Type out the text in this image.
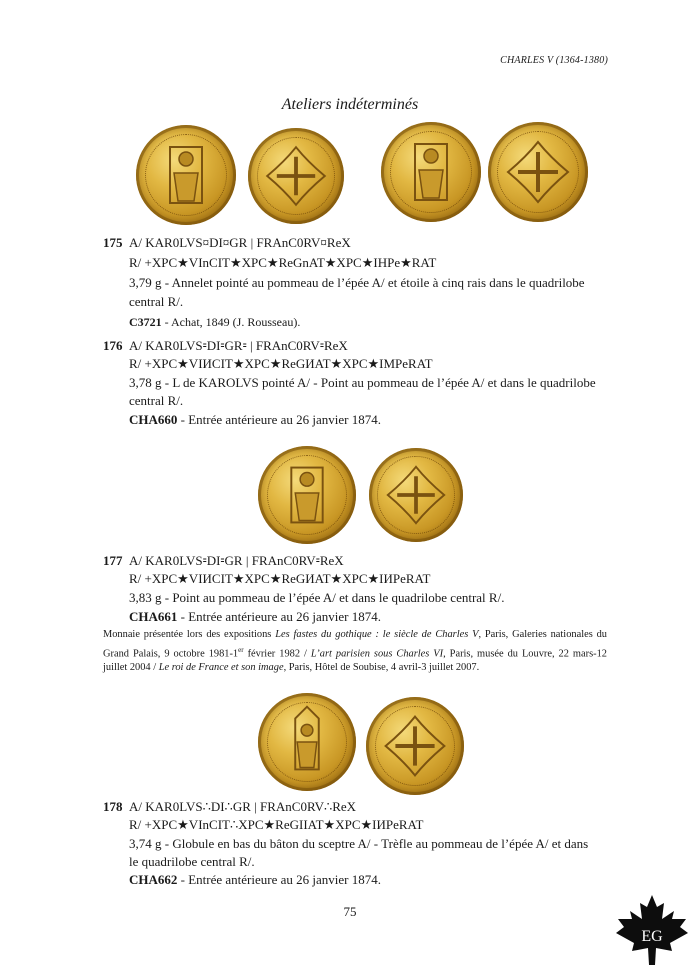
CHARLES V (1364-1380)
Ateliers indéterminés
175 A/ KAR0LVS¤DI¤GR | FRAnC0RV¤ReX
R/ +XPC★VInCIT★XPC★ReGnAT★XPC★IHPe★RAT
3,79 g - Annelet pointé au pommeau de l’épée A/ et étoile à cinq rais dans le quadrilobe
central R/.
C3721 - Achat, 1849 (J. Rousseau).
176 A/ KAR0LVS⹀DI⹀GR⹀ | FRAnC0RV⹀ReX
R/ +XPC★VIИCIT★XPC★ReGИAT★XPC★IMPeRAT
3,78 g - L de KAROLVS pointé A/ - Point au pommeau de l’épée A/ et dans le quadrilobe
central R/.
CHA660 - Entrée antérieure au 26 janvier 1874.
177 A/ KAR0LVS⹀DI⹀GR | FRAnC0RV⹀ReX
R/ +XPC★VIИCIT★XPC★ReGИAT★XPC★IИPeRAT
3,83 g - Point au pommeau de l’épée A/ et dans le quadrilobe central R/.
CHA661 - Entrée antérieure au 26 janvier 1874.
Monnaie présentée lors des expositions Les fastes du gothique : le siècle de Charles V, Paris, Galeries nationales du Grand Palais, 9 octobre 1981-1er février 1982 / L’art parisien sous Charles VI, Paris, musée du Louvre, 22 mars-12 juillet 2004 / Le roi de France et son image, Paris, Hôtel de Soubise, 4 avril-3 juillet 2007.
178 A/ KAR0LVS∴DI∴GR | FRAnC0RV∴ReX
R/ +XPC★VInCIT∴XPC★ReGIIAT★XPC★IИPeRAT
3,74 g - Globule en bas du bâton du sceptre A/ - Trèfle au pommeau de l’épée A/ et dans
le quadrilobe central R/.
CHA662 - Entrée antérieure au 26 janvier 1874.
75
EG
